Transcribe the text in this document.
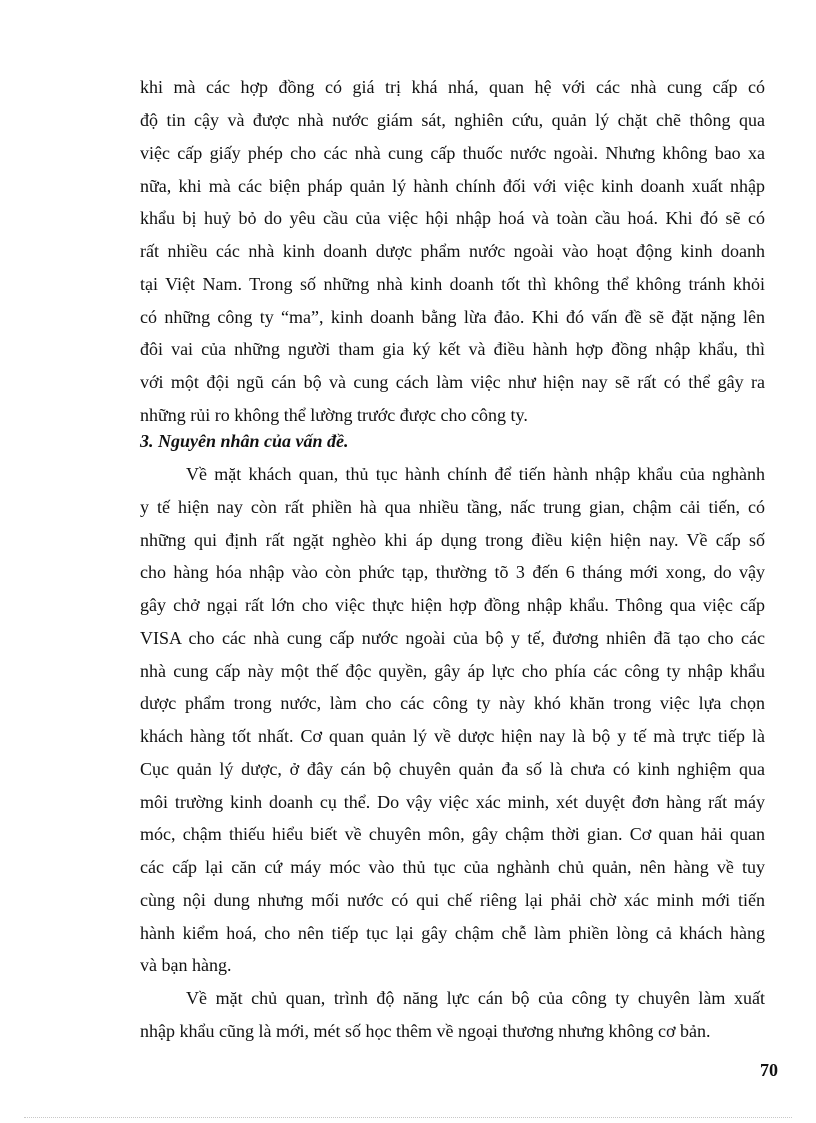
khi mà các hợp đồng có giá trị khá nhá, quan hệ với các nhà cung cấp có
độ tin cậy và được nhà nước giám sát, nghiên cứu, quản lý chặt chẽ thông qua
việc cấp giấy phép cho các nhà cung cấp thuốc nước ngoài. Nhưng không bao xa
nữa, khi mà các biện pháp quản lý hành chính đối với việc kinh doanh xuất nhập
khẩu bị huỷ bỏ do yêu cầu của việc hội nhập hoá và toàn cầu hoá. Khi đó sẽ có
rất nhiều các nhà kinh doanh dược phẩm nước ngoài vào hoạt động kinh doanh
tại Việt Nam. Trong số những nhà kinh doanh tốt thì không thể không tránh khỏi
có những công ty “ma”, kinh doanh bằng lừa đảo. Khi đó vấn đề sẽ đặt nặng lên
đôi vai của những người tham gia ký kết và điều hành hợp đồng nhập khẩu, thì
với một đội ngũ cán bộ và cung cách làm việc như hiện nay sẽ rất có thể gây ra
những rủi ro không thể lường trước được cho công ty.
3. Nguyên nhân của vấn đề.
Về mặt khách quan, thủ tục hành chính để tiến hành nhập khẩu của nghành
y tế hiện nay còn rất phiền hà qua nhiều tầng, nấc trung gian, chậm cải tiến, có
những qui định rất ngặt nghèo khi áp dụng trong điều kiện hiện nay. Về cấp số
cho hàng hóa nhập vào còn phức tạp, thường tõ 3 đến 6 tháng mới xong, do vậy
gây chở ngại rất lớn cho việc thực hiện hợp đồng nhập khẩu. Thông qua việc cấp
VISA cho các nhà cung cấp nước ngoài của bộ y tế, đương nhiên đã tạo cho các
nhà cung cấp này một thế độc quyền, gây áp lực cho phía các công ty nhập khẩu
dược phẩm trong nước, làm cho các công ty này khó khăn trong việc lựa chọn
khách hàng tốt nhất. Cơ quan quản lý về dược hiện nay là bộ y tế mà trực tiếp là
Cục quản lý dược, ở đây cán bộ chuyên quản đa số là chưa có kinh nghiệm qua
môi trường kinh doanh cụ thể. Do vậy việc xác minh, xét duyệt đơn hàng rất máy
móc, chậm thiếu hiểu biết về chuyên môn, gây chậm thời gian. Cơ quan hải quan
các cấp lại căn cứ máy móc vào thủ tục của nghành chủ quản, nên hàng về tuy
cùng nội dung nhưng mối nước có qui chế riêng lại phải chờ xác minh mới tiến
hành kiểm hoá, cho nên tiếp tục lại gây chậm chễ làm phiền lòng cả khách hàng
và bạn hàng.
Về mặt chủ quan, trình độ năng lực cán bộ của công ty chuyên làm xuất
nhập khẩu cũng là mới, mét số học thêm về ngoại thương nhưng không cơ bản.
70
